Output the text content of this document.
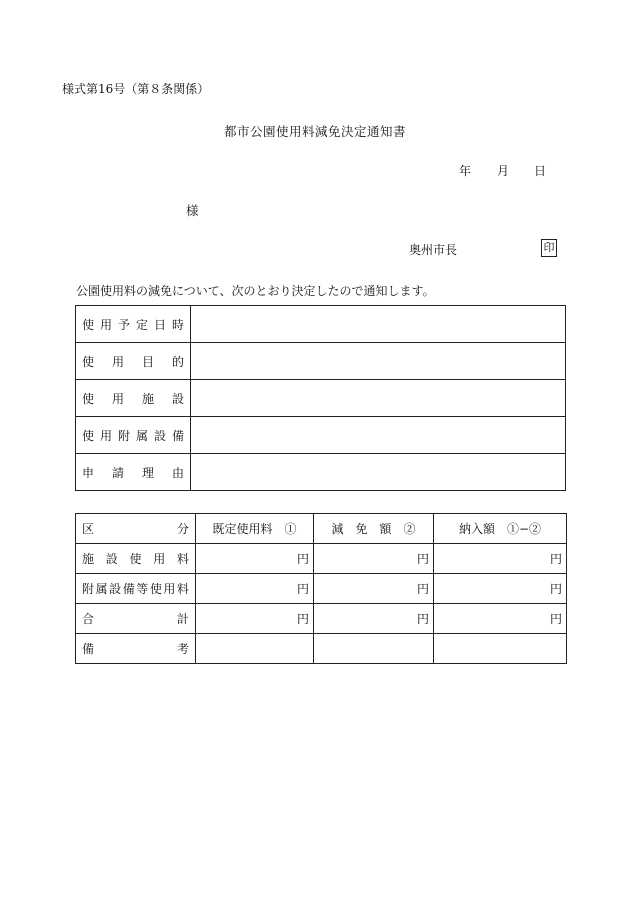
様式第16号（第８条関係）
都市公園使用料減免決定通知書
年 月 日
様
奥州市長	印
公園使用料の減免について、次のとおり決定したので通知します。
使用予定日時	

使用目的	

使用施設	

使用附属設備	

申請理由	

区　　　　　分	既定使用料　①	減　免　額　②	納入額　①−②

施設使用料	円	円	円

附属設備等使用料	円	円	円

合計	円	円	円

備考			
